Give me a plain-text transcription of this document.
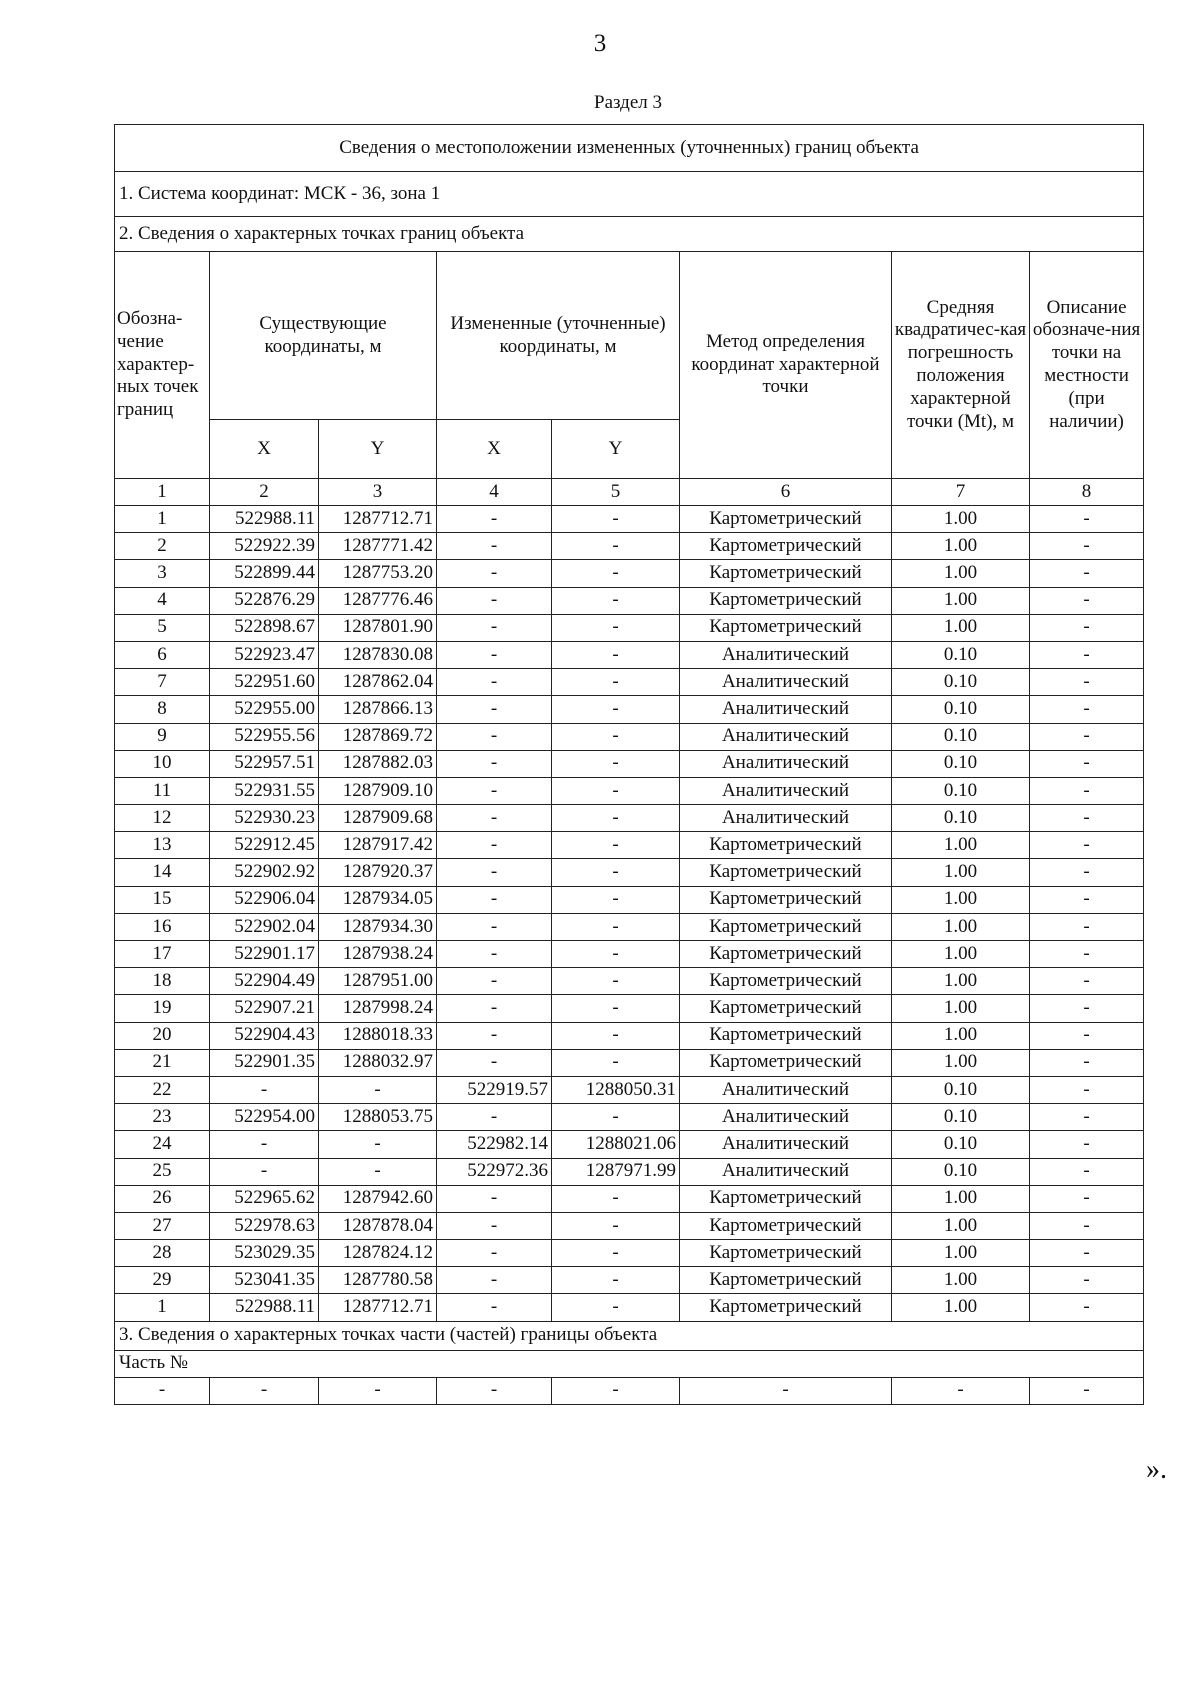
3
Раздел 3
Сведения о местоположении измененных (уточненных) границ объекта							
1. Система координат: МСК - 36, зона 1							
2. Сведения о характерных точках границ объекта							
Обозна-чение характер-ных точек границ	Существующие координаты, м		Измененные (уточненные) координаты, м		Метод определения координат характерной точки	Средняя квадратичес-кая погрешность положения характерной точки (Mt), м	Описание обозначе-ния точки на местности (при наличии)
	X	Y	X	Y			
1	2	3	4	5	6	7	8
1	522988.11	1287712.71	-	-	Картометрический	1.00	-
2	522922.39	1287771.42	-	-	Картометрический	1.00	-
3	522899.44	1287753.20	-	-	Картометрический	1.00	-
4	522876.29	1287776.46	-	-	Картометрический	1.00	-
5	522898.67	1287801.90	-	-	Картометрический	1.00	-
6	522923.47	1287830.08	-	-	Аналитический	0.10	-
7	522951.60	1287862.04	-	-	Аналитический	0.10	-
8	522955.00	1287866.13	-	-	Аналитический	0.10	-
9	522955.56	1287869.72	-	-	Аналитический	0.10	-
10	522957.51	1287882.03	-	-	Аналитический	0.10	-
11	522931.55	1287909.10	-	-	Аналитический	0.10	-
12	522930.23	1287909.68	-	-	Аналитический	0.10	-
13	522912.45	1287917.42	-	-	Картометрический	1.00	-
14	522902.92	1287920.37	-	-	Картометрический	1.00	-
15	522906.04	1287934.05	-	-	Картометрический	1.00	-
16	522902.04	1287934.30	-	-	Картометрический	1.00	-
17	522901.17	1287938.24	-	-	Картометрический	1.00	-
18	522904.49	1287951.00	-	-	Картометрический	1.00	-
19	522907.21	1287998.24	-	-	Картометрический	1.00	-
20	522904.43	1288018.33	-	-	Картометрический	1.00	-
21	522901.35	1288032.97	-	-	Картометрический	1.00	-
22	-	-	522919.57	1288050.31	Аналитический	0.10	-
23	522954.00	1288053.75	-	-	Аналитический	0.10	-
24	-	-	522982.14	1288021.06	Аналитический	0.10	-
25	-	-	522972.36	1287971.99	Аналитический	0.10	-
26	522965.62	1287942.60	-	-	Картометрический	1.00	-
27	522978.63	1287878.04	-	-	Картометрический	1.00	-
28	523029.35	1287824.12	-	-	Картометрический	1.00	-
29	523041.35	1287780.58	-	-	Картометрический	1.00	-
1	522988.11	1287712.71	-	-	Картометрический	1.00	-
3. Сведения о характерных точках части (частей) границы объекта							
Часть №							
-	-	-	-	-	-	-	-
».
